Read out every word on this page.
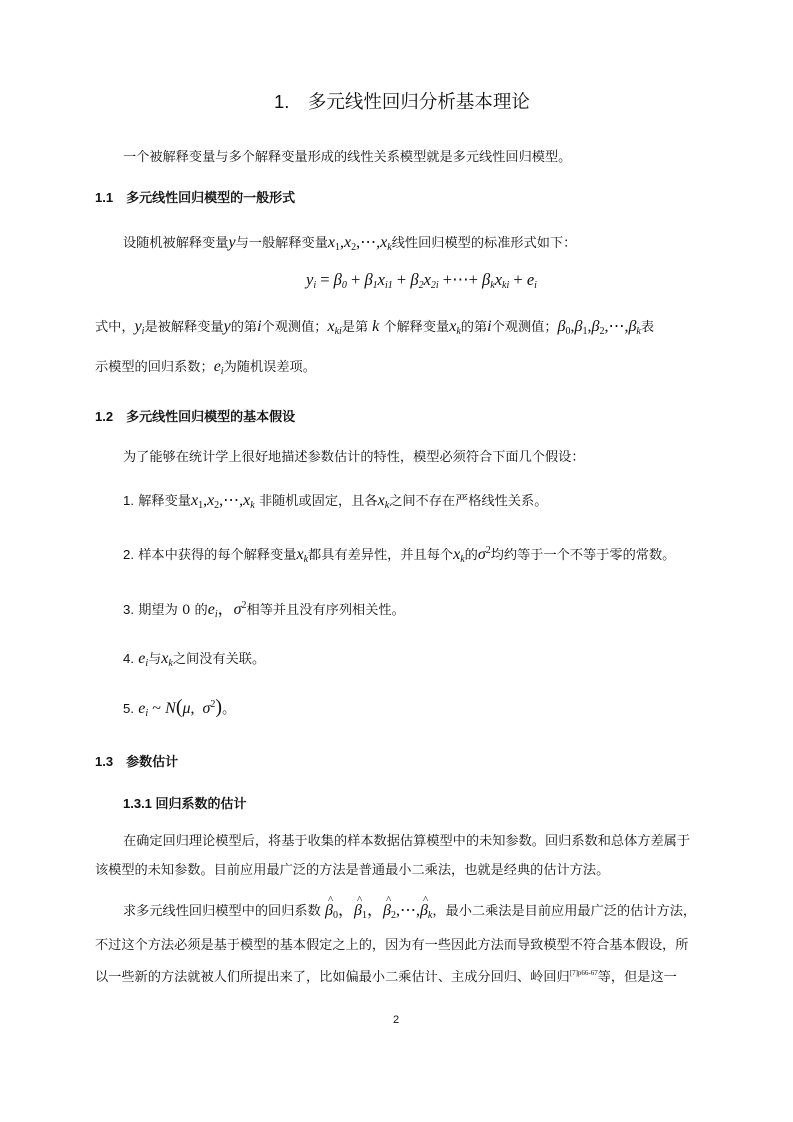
1.　多元线性回归分析基本理论
一个被解释变量与多个解释变量形成的线性关系模型就是多元线性回归模型。
1.1　多元线性回归模型的一般形式
设随机被解释变量y与一般解释变量$x_1,x_2,\cdots,x_k$线性回归模型的标准形式如下：
$y_i = \beta_0 + \beta_1x_{i1} + \beta_2x_{2i}$ +⋯+ $\beta_kx_{ki} + e_i$
式中，$y_i$是被解释变量y的第i个观测值；$x_{ki}$是第 k 个解释变量$x_k$的第i个观测值；$\beta_0,\beta_1,\beta_2,\cdots,\beta_k$表
示模型的回归系数；$e_i$为随机误差项。
1.2　多元线性回归模型的基本假设
为了能够在统计学上很好地描述参数估计的特性，模型必须符合下面几个假设：
1. 解释变量$x_1,x_2,\cdots,x_k$ 非随机或固定，且各$x_k$之间不存在严格线性关系。
2. 样本中获得的每个解释变量$x_k$都具有差异性，并且每个$x_k$的$\sigma^2$均约等于一个不等于零的常数。
3. 期望为 0 的$e_i$，$\sigma^2$相等并且没有序列相关性。
4. $e_i$与$x_k$之间没有关联。
5. $e_i$ ~ N(μ,  $\sigma^2$)。
1.3　参数估计
1.3.1 回归系数的估计
在确定回归理论模型后，将基于收集的样本数据估算模型中的未知参数。回归系数和总体方差属于
该模型的未知参数。目前应用最广泛的方法是普通最小二乘法，也就是经典的估计方法。
求多元线性回归模型中的回归系数 ^ $\beta_0$，^ $\beta_1$，^ $\beta_2,\cdots,\^{}$ $\beta_k$，最小二乘法是目前应用最广泛的估计方法，
不过这个方法必须是基于模型的基本假定之上的，因为有一些因此方法而导致模型不符合基本假设，所
以一些新的方法就被人们所提出来了，比如偏最小二乘估计、主成分回归、岭回归$^{[7]p66-67}$等，但是这一
2
